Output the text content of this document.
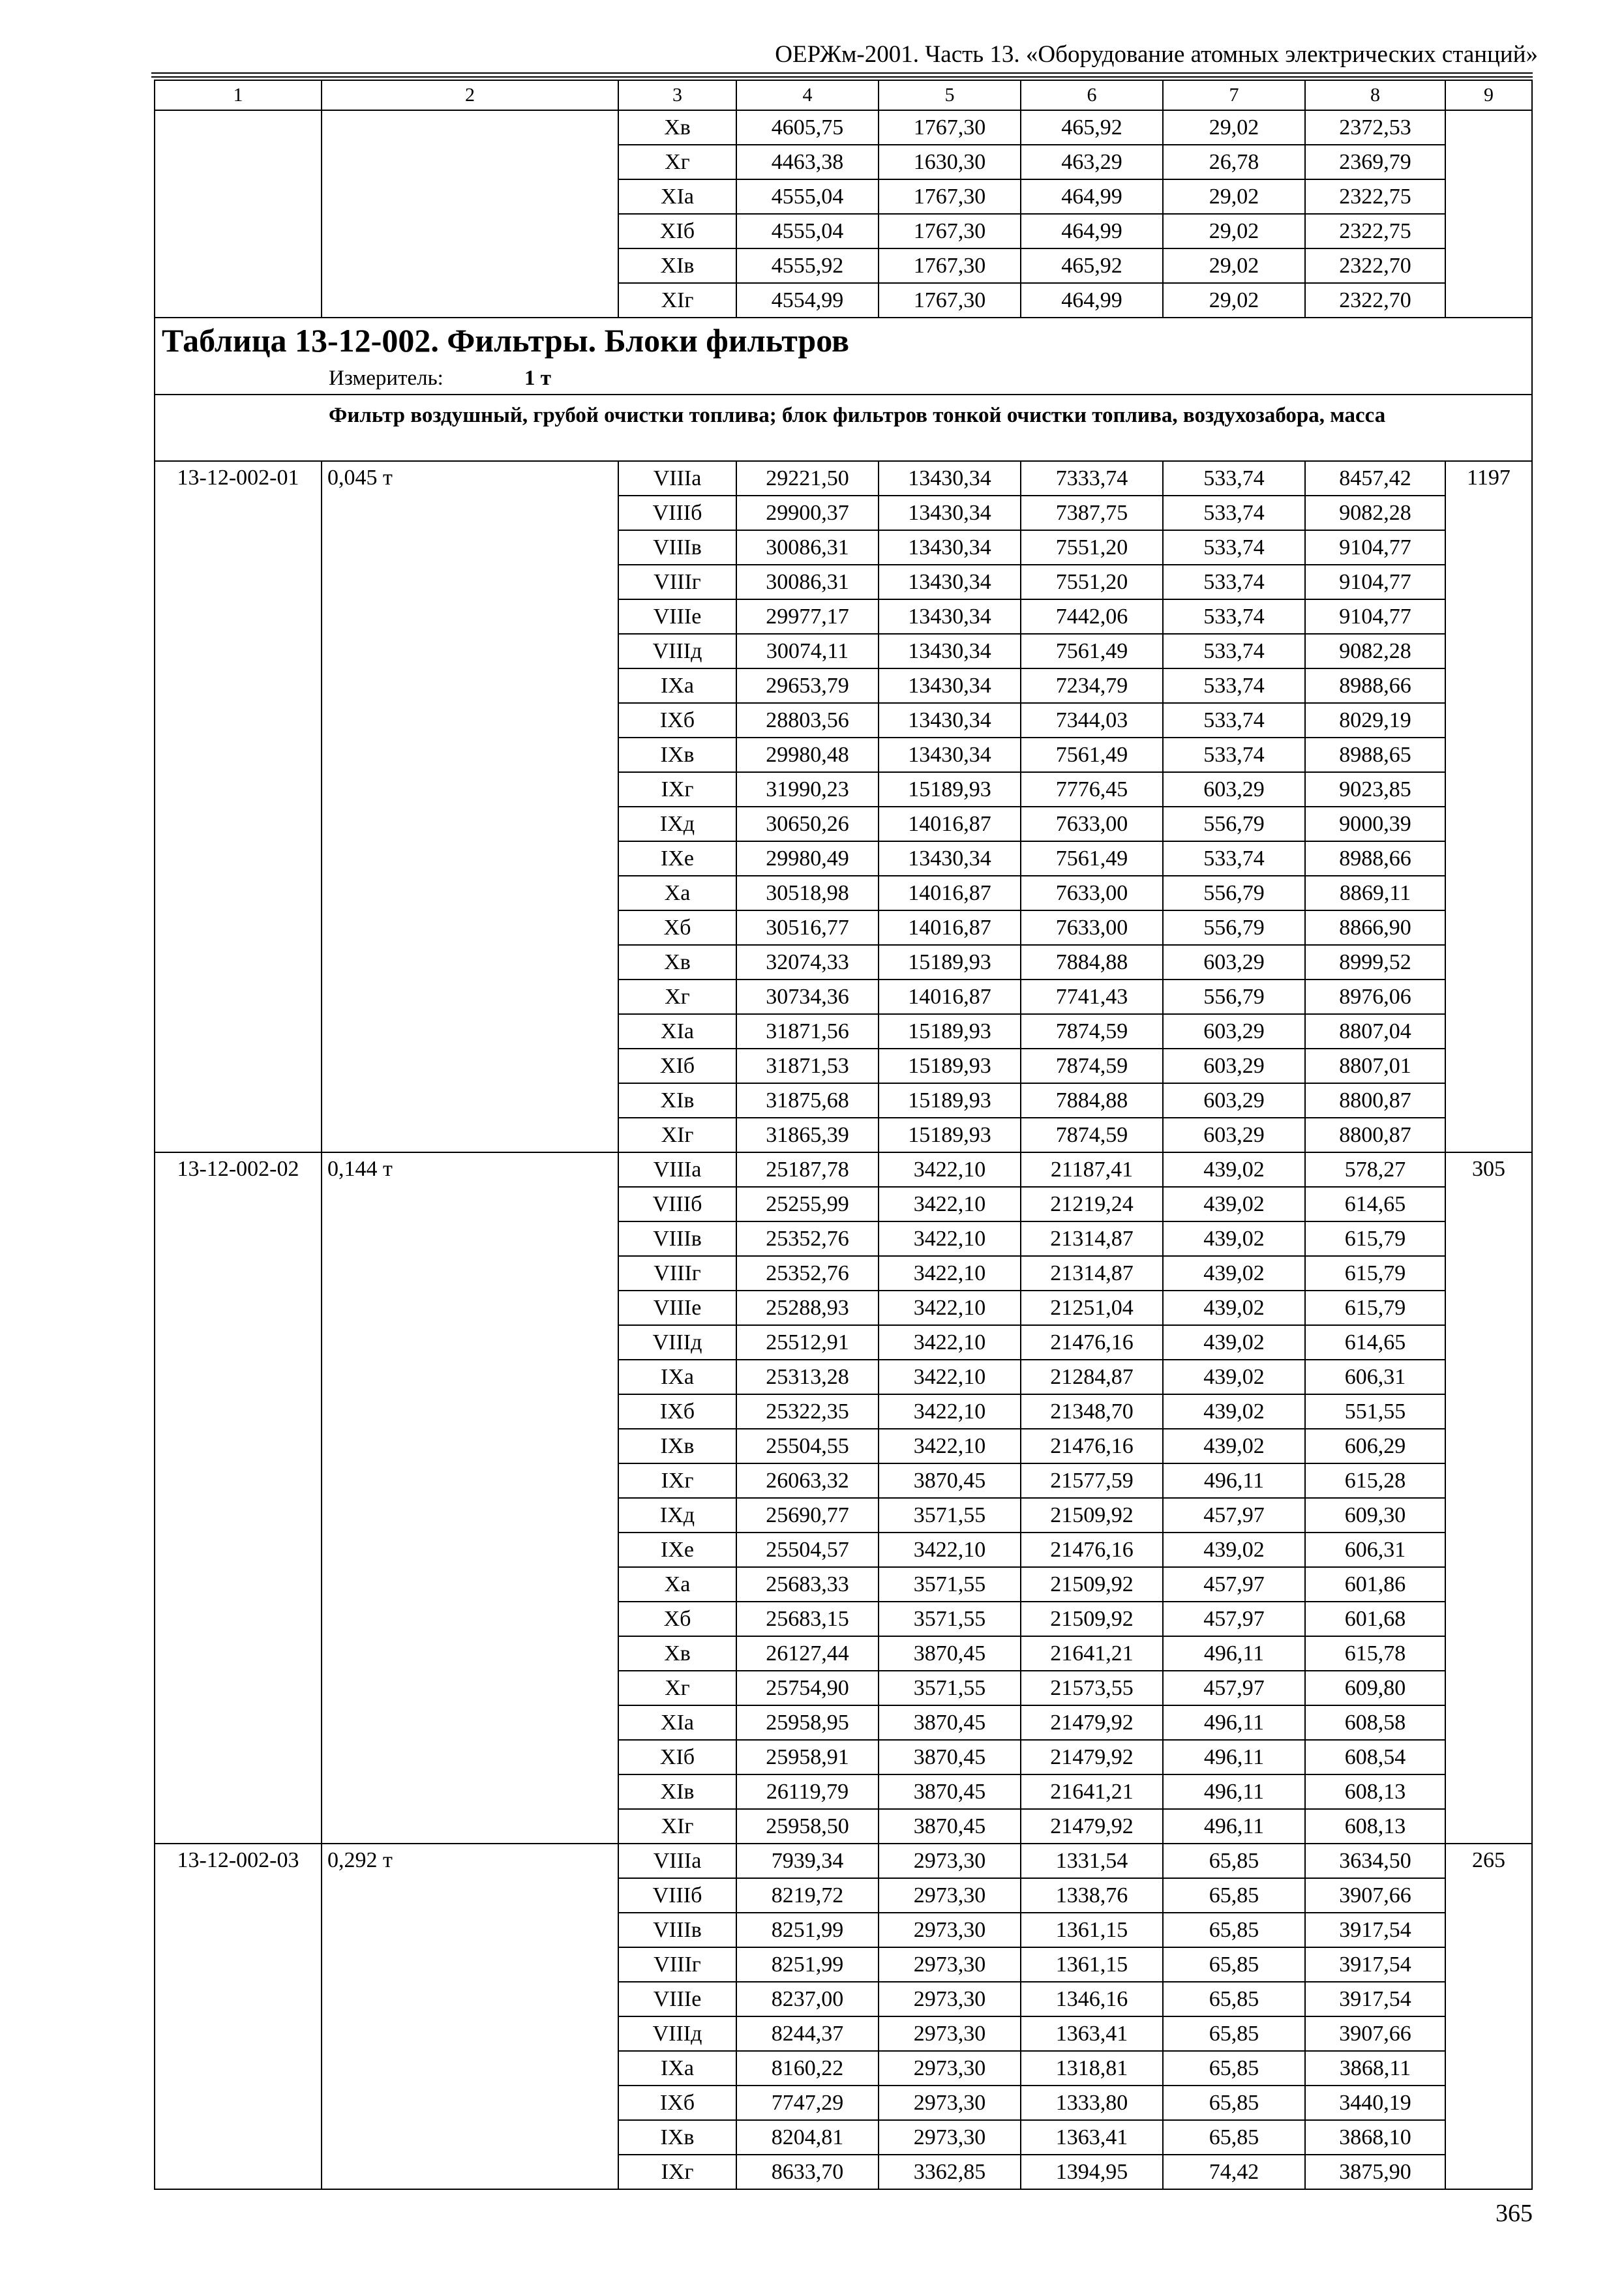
ОЕРЖм-2001. Часть 13. «Оборудование атомных электрических станций»
1	2	3	4	5	6	7	8	9
		Хв	4605,75	1767,30	465,92	29,02	2372,53	
		Хг	4463,38	1630,30	463,29	26,78	2369,79	
		XIа	4555,04	1767,30	464,99	29,02	2322,75	
		XIб	4555,04	1767,30	464,99	29,02	2322,75	
		XIв	4555,92	1767,30	465,92	29,02	2322,70	
		XIг	4554,99	1767,30	464,99	29,02	2322,70	
Таблица 13-12-002. Фильтры. Блоки фильтров								
Измеритель: 1 т								

Фильтр воздушный, грубой очистки топлива; блок фильтров тонкой очистки топлива, воздухозабора, масса								

13-12-002-01	0,045 т	VIIIа	29221,50	13430,34	7333,74	533,74	8457,42	1197
		VIIIб	29900,37	13430,34	7387,75	533,74	9082,28	
		VIIIв	30086,31	13430,34	7551,20	533,74	9104,77	
		VIIIг	30086,31	13430,34	7551,20	533,74	9104,77	
		VIIIе	29977,17	13430,34	7442,06	533,74	9104,77	
		VIIIд	30074,11	13430,34	7561,49	533,74	9082,28	
		IXа	29653,79	13430,34	7234,79	533,74	8988,66	
		IXб	28803,56	13430,34	7344,03	533,74	8029,19	
		IXв	29980,48	13430,34	7561,49	533,74	8988,65	
		IXг	31990,23	15189,93	7776,45	603,29	9023,85	
		IXд	30650,26	14016,87	7633,00	556,79	9000,39	
		IXе	29980,49	13430,34	7561,49	533,74	8988,66	
		Ха	30518,98	14016,87	7633,00	556,79	8869,11	
		Хб	30516,77	14016,87	7633,00	556,79	8866,90	
		Хв	32074,33	15189,93	7884,88	603,29	8999,52	
		Хг	30734,36	14016,87	7741,43	556,79	8976,06	
		XIа	31871,56	15189,93	7874,59	603,29	8807,04	
		XIб	31871,53	15189,93	7874,59	603,29	8807,01	
		XIв	31875,68	15189,93	7884,88	603,29	8800,87	
		XIг	31865,39	15189,93	7874,59	603,29	8800,87	
13-12-002-02	0,144 т	VIIIа	25187,78	3422,10	21187,41	439,02	578,27	305
		VIIIб	25255,99	3422,10	21219,24	439,02	614,65	
		VIIIв	25352,76	3422,10	21314,87	439,02	615,79	
		VIIIг	25352,76	3422,10	21314,87	439,02	615,79	
		VIIIе	25288,93	3422,10	21251,04	439,02	615,79	
		VIIIд	25512,91	3422,10	21476,16	439,02	614,65	
		IXа	25313,28	3422,10	21284,87	439,02	606,31	
		IXб	25322,35	3422,10	21348,70	439,02	551,55	
		IXв	25504,55	3422,10	21476,16	439,02	606,29	
		IXг	26063,32	3870,45	21577,59	496,11	615,28	
		IXд	25690,77	3571,55	21509,92	457,97	609,30	
		IXе	25504,57	3422,10	21476,16	439,02	606,31	
		Ха	25683,33	3571,55	21509,92	457,97	601,86	
		Хб	25683,15	3571,55	21509,92	457,97	601,68	
		Хв	26127,44	3870,45	21641,21	496,11	615,78	
		Хг	25754,90	3571,55	21573,55	457,97	609,80	
		XIа	25958,95	3870,45	21479,92	496,11	608,58	
		XIб	25958,91	3870,45	21479,92	496,11	608,54	
		XIв	26119,79	3870,45	21641,21	496,11	608,13	
		XIг	25958,50	3870,45	21479,92	496,11	608,13	
13-12-002-03	0,292 т	VIIIа	7939,34	2973,30	1331,54	65,85	3634,50	265
		VIIIб	8219,72	2973,30	1338,76	65,85	3907,66	
		VIIIв	8251,99	2973,30	1361,15	65,85	3917,54	
		VIIIг	8251,99	2973,30	1361,15	65,85	3917,54	
		VIIIе	8237,00	2973,30	1346,16	65,85	3917,54	
		VIIIд	8244,37	2973,30	1363,41	65,85	3907,66	
		IXа	8160,22	2973,30	1318,81	65,85	3868,11	
		IXб	7747,29	2973,30	1333,80	65,85	3440,19	
		IXв	8204,81	2973,30	1363,41	65,85	3868,10	
		IXг	8633,70	3362,85	1394,95	74,42	3875,90	
365
